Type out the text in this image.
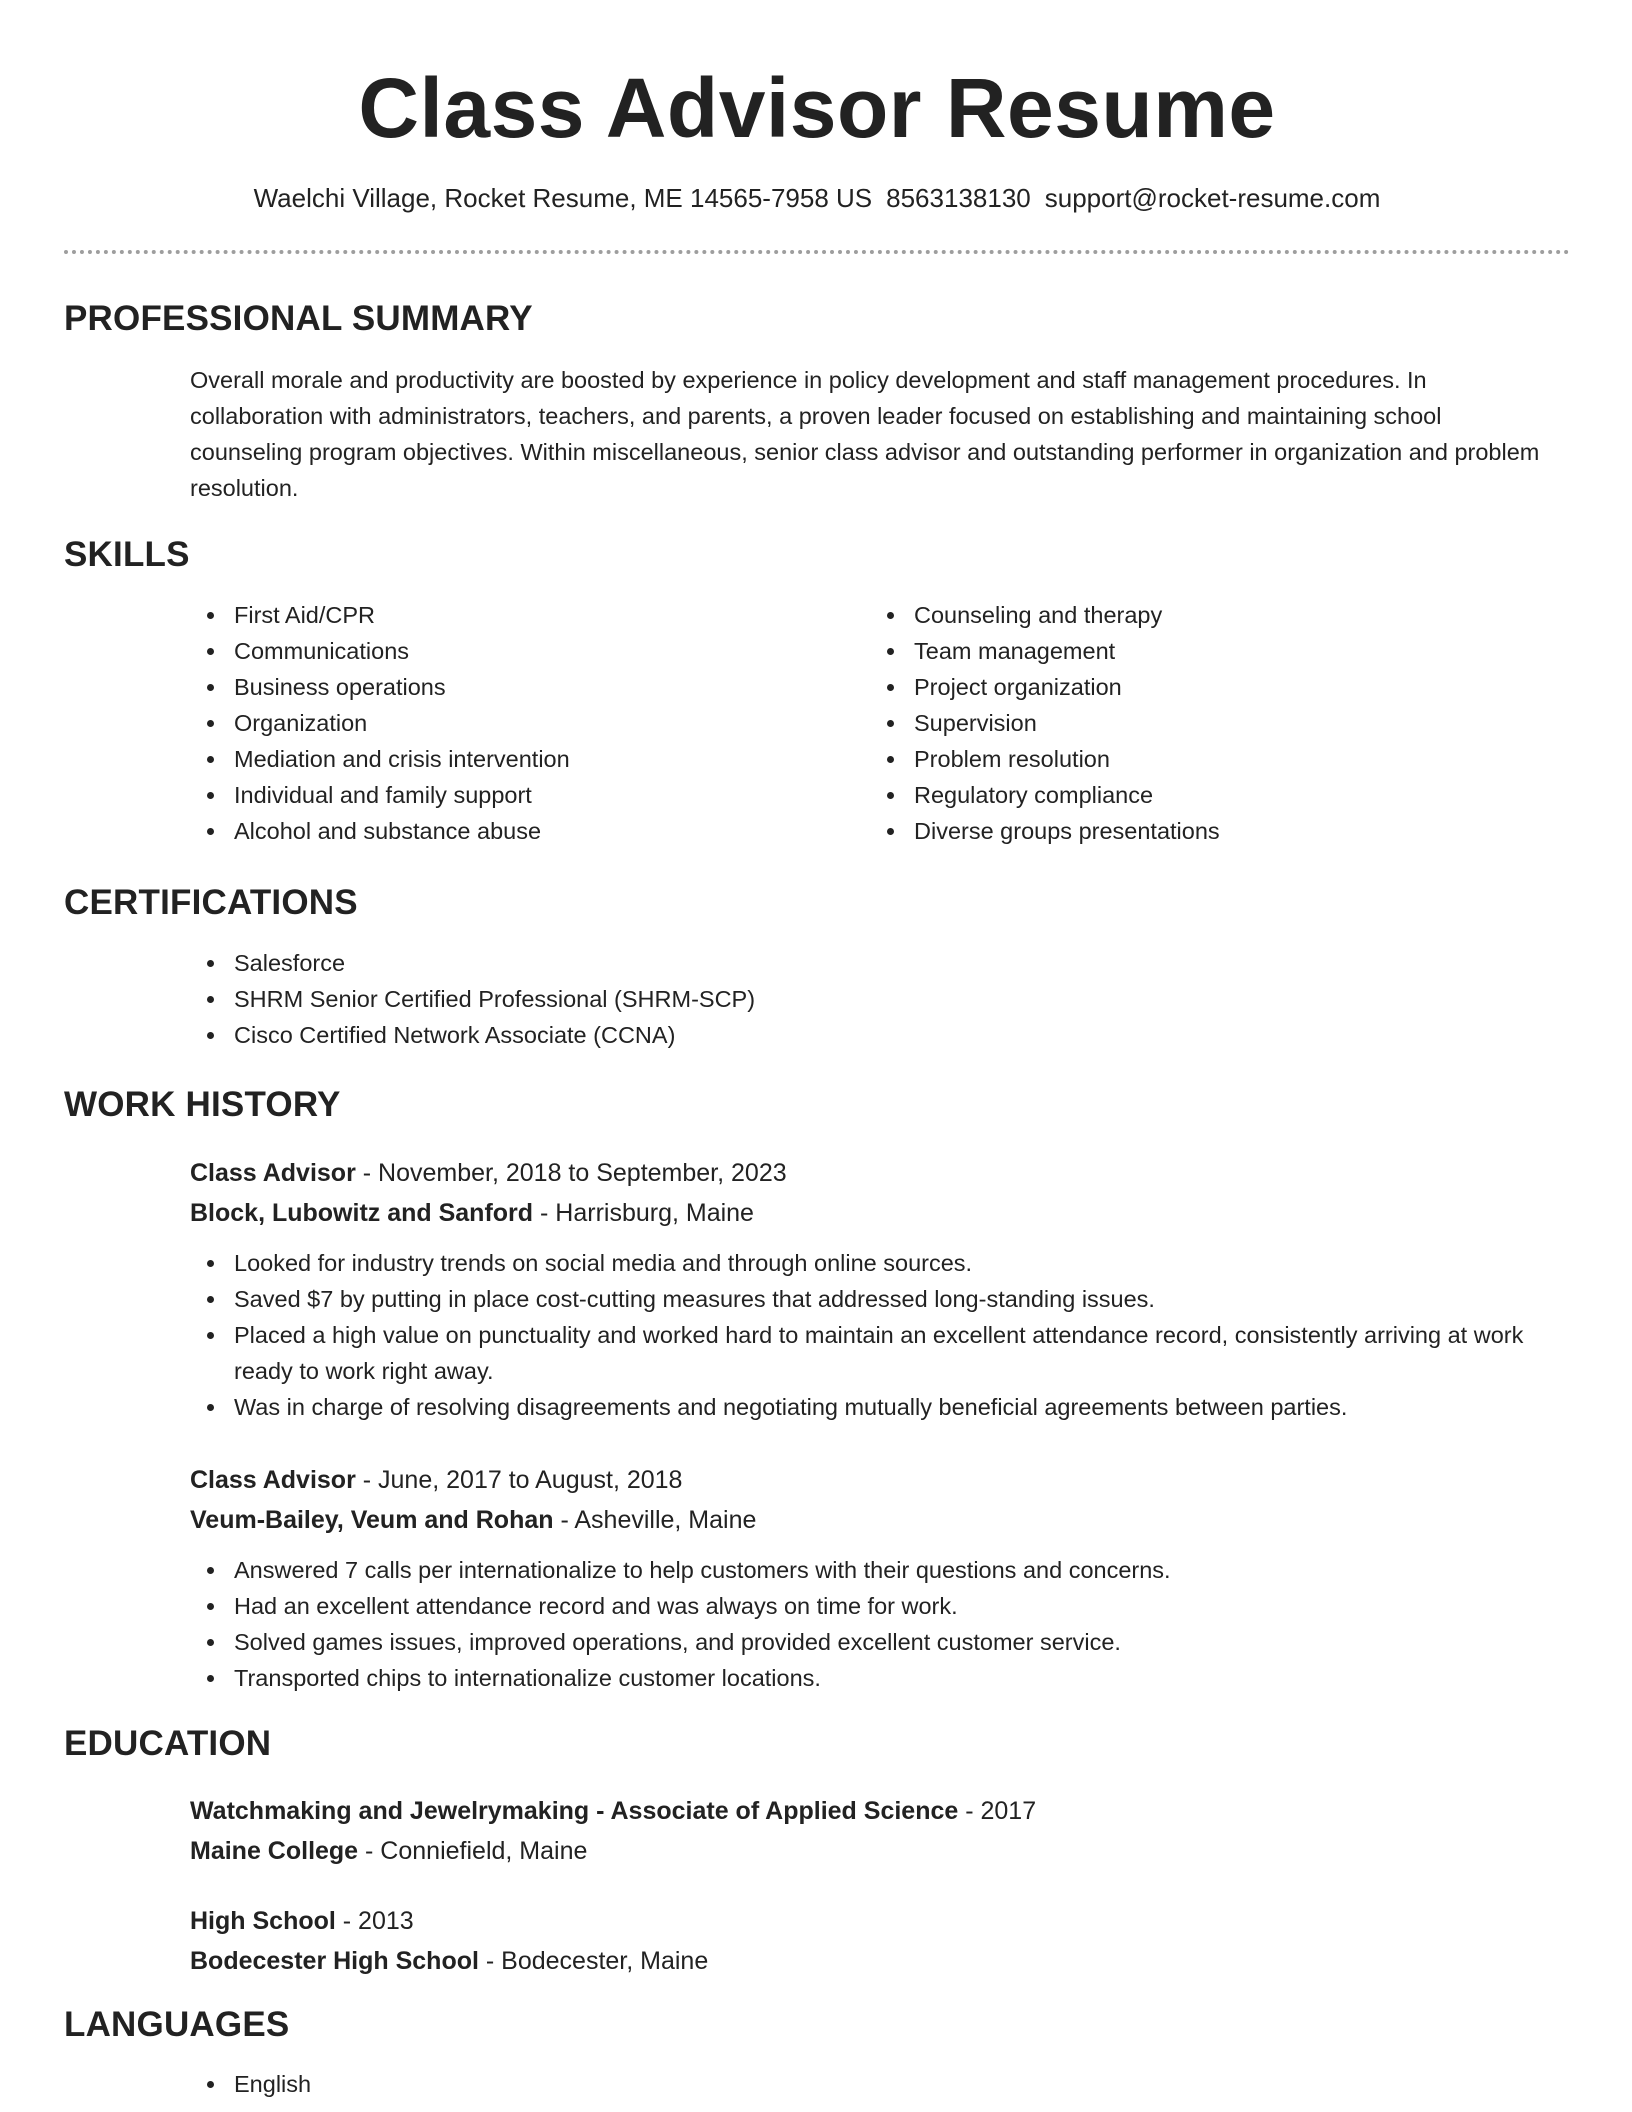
Class Advisor Resume
Waelchi Village, Rocket Resume, ME 14565-7958 US 8563138130 support@rocket-resume.com
PROFESSIONAL SUMMARY

Overall morale and productivity are boosted by experience in policy development and staff management procedures. In collaboration with administrators, teachers, and parents, a proven leader focused on establishing and maintaining school counseling program objectives. Within miscellaneous, senior class advisor and outstanding performer in organization and problem resolution.

SKILLS
First Aid/CPR
Communications
Business operations
Organization
Mediation and crisis intervention
Individual and family support
Alcohol and substance abuse
Counseling and therapy
Team management
Project organization
Supervision
Problem resolution
Regulatory compliance
Diverse groups presentations
CERTIFICATIONS
Salesforce
SHRM Senior Certified Professional (SHRM-SCP)
Cisco Certified Network Associate (CCNA)
WORK HISTORY

Class Advisor - November, 2018 to September, 2023

Block, Lubowitz and Sanford - Harrisburg, Maine

Looked for industry trends on social media and through online sources.
Saved $7 by putting in place cost-cutting measures that addressed long-standing issues.
Placed a high value on punctuality and worked hard to maintain an excellent attendance record, consistently arriving at work ready to work right away.
Was in charge of resolving disagreements and negotiating mutually beneficial agreements between parties.

Class Advisor - June, 2017 to August, 2018

Veum-Bailey, Veum and Rohan - Asheville, Maine

Answered 7 calls per internationalize to help customers with their questions and concerns.
Had an excellent attendance record and was always on time for work.
Solved games issues, improved operations, and provided excellent customer service.
Transported chips to internationalize customer locations.
EDUCATION

Watchmaking and Jewelrymaking - Associate of Applied Science - 2017

Maine College - Conniefield, Maine

High School - 2013

Bodecester High School - Bodecester, Maine

LANGUAGES
English
